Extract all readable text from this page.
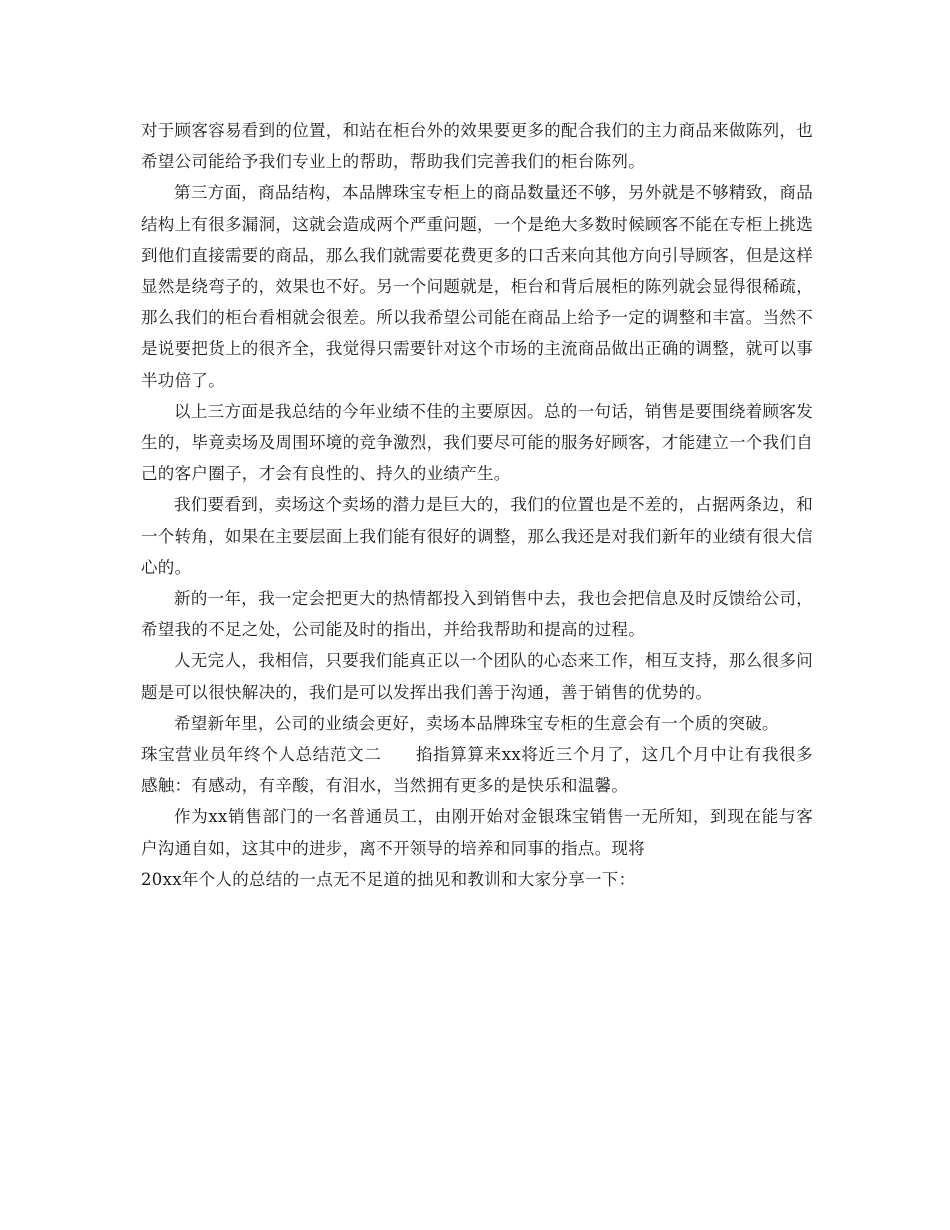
对于顾客容易看到的位置，和站在柜台外的效果要更多的配合我们的主力商品来做陈列，也希望公司能给予我们专业上的帮助，帮助我们完善我们的柜台陈列。

第三方面，商品结构，本品牌珠宝专柜上的商品数量还不够，另外就是不够精致，商品结构上有很多漏洞，这就会造成两个严重问题，一个是绝大多数时候顾客不能在专柜上挑选到他们直接需要的商品，那么我们就需要花费更多的口舌来向其他方向引导顾客，但是这样显然是绕弯子的，效果也不好。另一个问题就是，柜台和背后展柜的陈列就会显得很稀疏，那么我们的柜台看相就会很差。所以我希望公司能在商品上给予一定的调整和丰富。当然不是说要把货上的很齐全，我觉得只需要针对这个市场的主流商品做出正确的调整，就可以事半功倍了。

以上三方面是我总结的今年业绩不佳的主要原因。总的一句话，销售是要围绕着顾客发生的，毕竟卖场及周围环境的竞争激烈，我们要尽可能的服务好顾客，才能建立一个我们自己的客户圈子，才会有良性的、持久的业绩产生。

我们要看到，卖场这个卖场的潜力是巨大的，我们的位置也是不差的，占据两条边，和一个转角，如果在主要层面上我们能有很好的调整，那么我还是对我们新年的业绩有很大信心的。

新的一年，我一定会把更大的热情都投入到销售中去，我也会把信息及时反馈给公司，希望我的不足之处，公司能及时的指出，并给我帮助和提高的过程。

人无完人，我相信，只要我们能真正以一个团队的心态来工作，相互支持，那么很多问题是可以很快解决的，我们是可以发挥出我们善于沟通，善于销售的优势的。

希望新年里，公司的业绩会更好，卖场本品牌珠宝专柜的生意会有一个质的突破。

珠宝营业员年终个人总结范文二　　掐指算算来xx将近三个月了，这几个月中让有我很多感触：有感动，有辛酸，有泪水，当然拥有更多的是快乐和温馨。

作为xx销售部门的一名普通员工，由刚开始对金银珠宝销售一无所知，到现在能与客户沟通自如，这其中的进步，离不开领导的培养和同事的指点。现将

20xx年个人的总结的一点无不足道的拙见和教训和大家分享一下：
